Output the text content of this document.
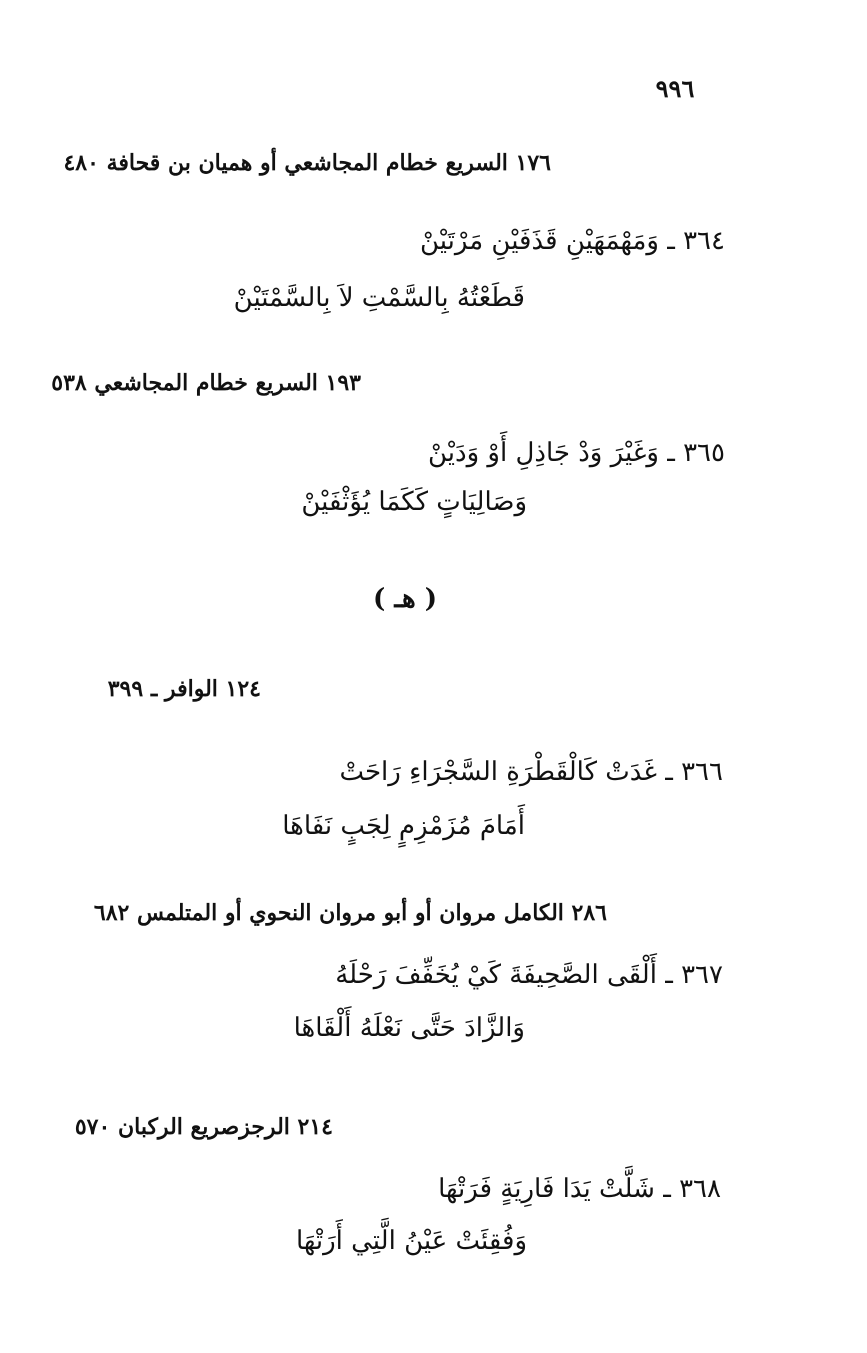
٩٩٦
١٧٦ السريع خطام المجاشعي أو هميان بن قحافة ٤٨٠
٣٦٤ ـ وَمَهْمَهَيْنِ قَذَفَيْنِ مَرْتَيْنْ
قَطَعْتُهُ بِالسَّمْتِ لاَ بِالسَّمْتَيْنْ
١٩٣ السريع خطام المجاشعي ٥٣٨
٣٦٥ ـ وَغَيْرَ وَدْ جَاذِلِ أَوْ وَدَيْنْ
وَصَالِيَاتٍ كَكَمَا يُؤَثْفَيْنْ
( هـ )
١٢٤ الوافر ـ ٣٩٩
٣٦٦ ـ غَدَتْ كَالْقَطْرَةِ السَّجْرَاءِ رَاحَتْ
أَمَامَ مُزَمْزِمٍ لِجَبٍ نَفَاهَا
٢٨٦ الكامل مروان أو أبو مروان النحوي أو المتلمس ٦٨٢
٣٦٧ ـ أَلْقَى الصَّحِيفَةَ كَيْ يُخَفِّفَ رَحْلَهُ
وَالزَّادَ حَتَّى نَعْلَهُ أَلْقَاهَا
٢١٤ الرجزصريع الركبان ٥٧٠
٣٦٨ ـ شَلَّتْ يَدَا فَارِيَةٍ فَرَتْهَا
وَفُقِئَتْ عَيْنُ الَّتِي أَرَتْهَا
